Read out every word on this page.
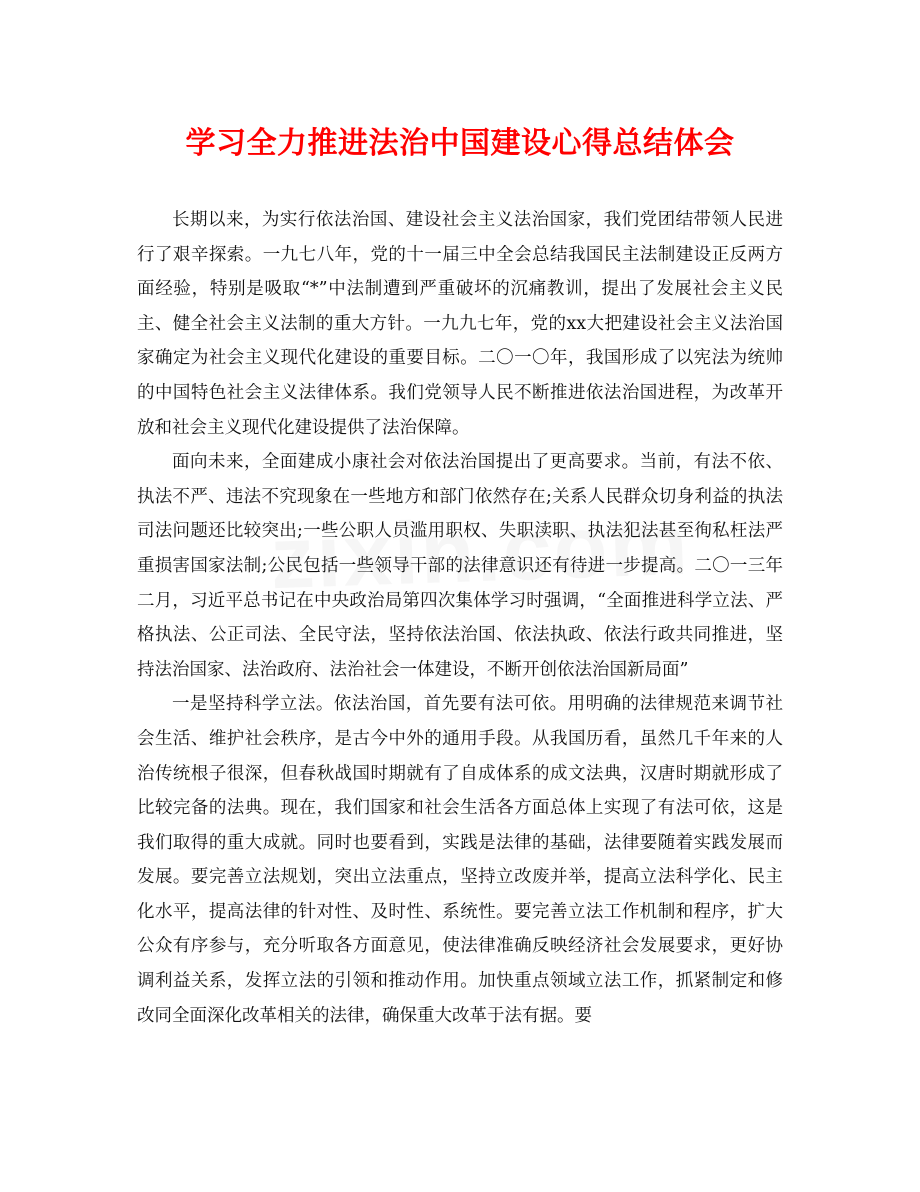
学习全力推进法治中国建设心得总结体会

长期以来，为实行依法治国、建设社会主义法治国家，我们党团结带领人民进行了艰辛探索。一九七八年，党的十一届三中全会总结我国民主法制建设正反两方面经验，特别是吸取“*”中法制遭到严重破坏的沉痛教训，提出了发展社会主义民主、健全社会主义法制的重大方针。一九九七年，党的xx大把建设社会主义法治国家确定为社会主义现代化建设的重要目标。二〇一〇年，我国形成了以宪法为统帅的中国特色社会主义法律体系。我们党领导人民不断推进依法治国进程，为改革开放和社会主义现代化建设提供了法治保障。

面向未来，全面建成小康社会对依法治国提出了更高要求。当前，有法不依、执法不严、违法不究现象在一些地方和部门依然存在;关系人民群众切身利益的执法司法问题还比较突出;一些公职人员滥用职权、失职渎职、执法犯法甚至徇私枉法严重损害国家法制;公民包括一些领导干部的法律意识还有待进一步提高。二〇一三年二月，习近平总书记在中央政治局第四次集体学习时强调，“全面推进科学立法、严格执法、公正司法、全民守法，坚持依法治国、依法执政、依法行政共同推进，坚持法治国家、法治政府、法治社会一体建设，不断开创依法治国新局面”

一是坚持科学立法。依法治国，首先要有法可依。用明确的法律规范来调节社会生活、维护社会秩序，是古今中外的通用手段。从我国历看，虽然几千年来的人治传统根子很深，但春秋战国时期就有了自成体系的成文法典，汉唐时期就形成了比较完备的法典。现在，我们国家和社会生活各方面总体上实现了有法可依，这是我们取得的重大成就。同时也要看到，实践是法律的基础，法律要随着实践发展而发展。要完善立法规划，突出立法重点，坚持立改废并举，提高立法科学化、民主化水平，提高法律的针对性、及时性、系统性。要完善立法工作机制和程序，扩大公众有序参与，充分听取各方面意见，使法律准确反映经济社会发展要求，更好协调利益关系，发挥立法的引领和推动作用。加快重点领域立法工作，抓紧制定和修改同全面深化改革相关的法律，确保重大改革于法有据。要
